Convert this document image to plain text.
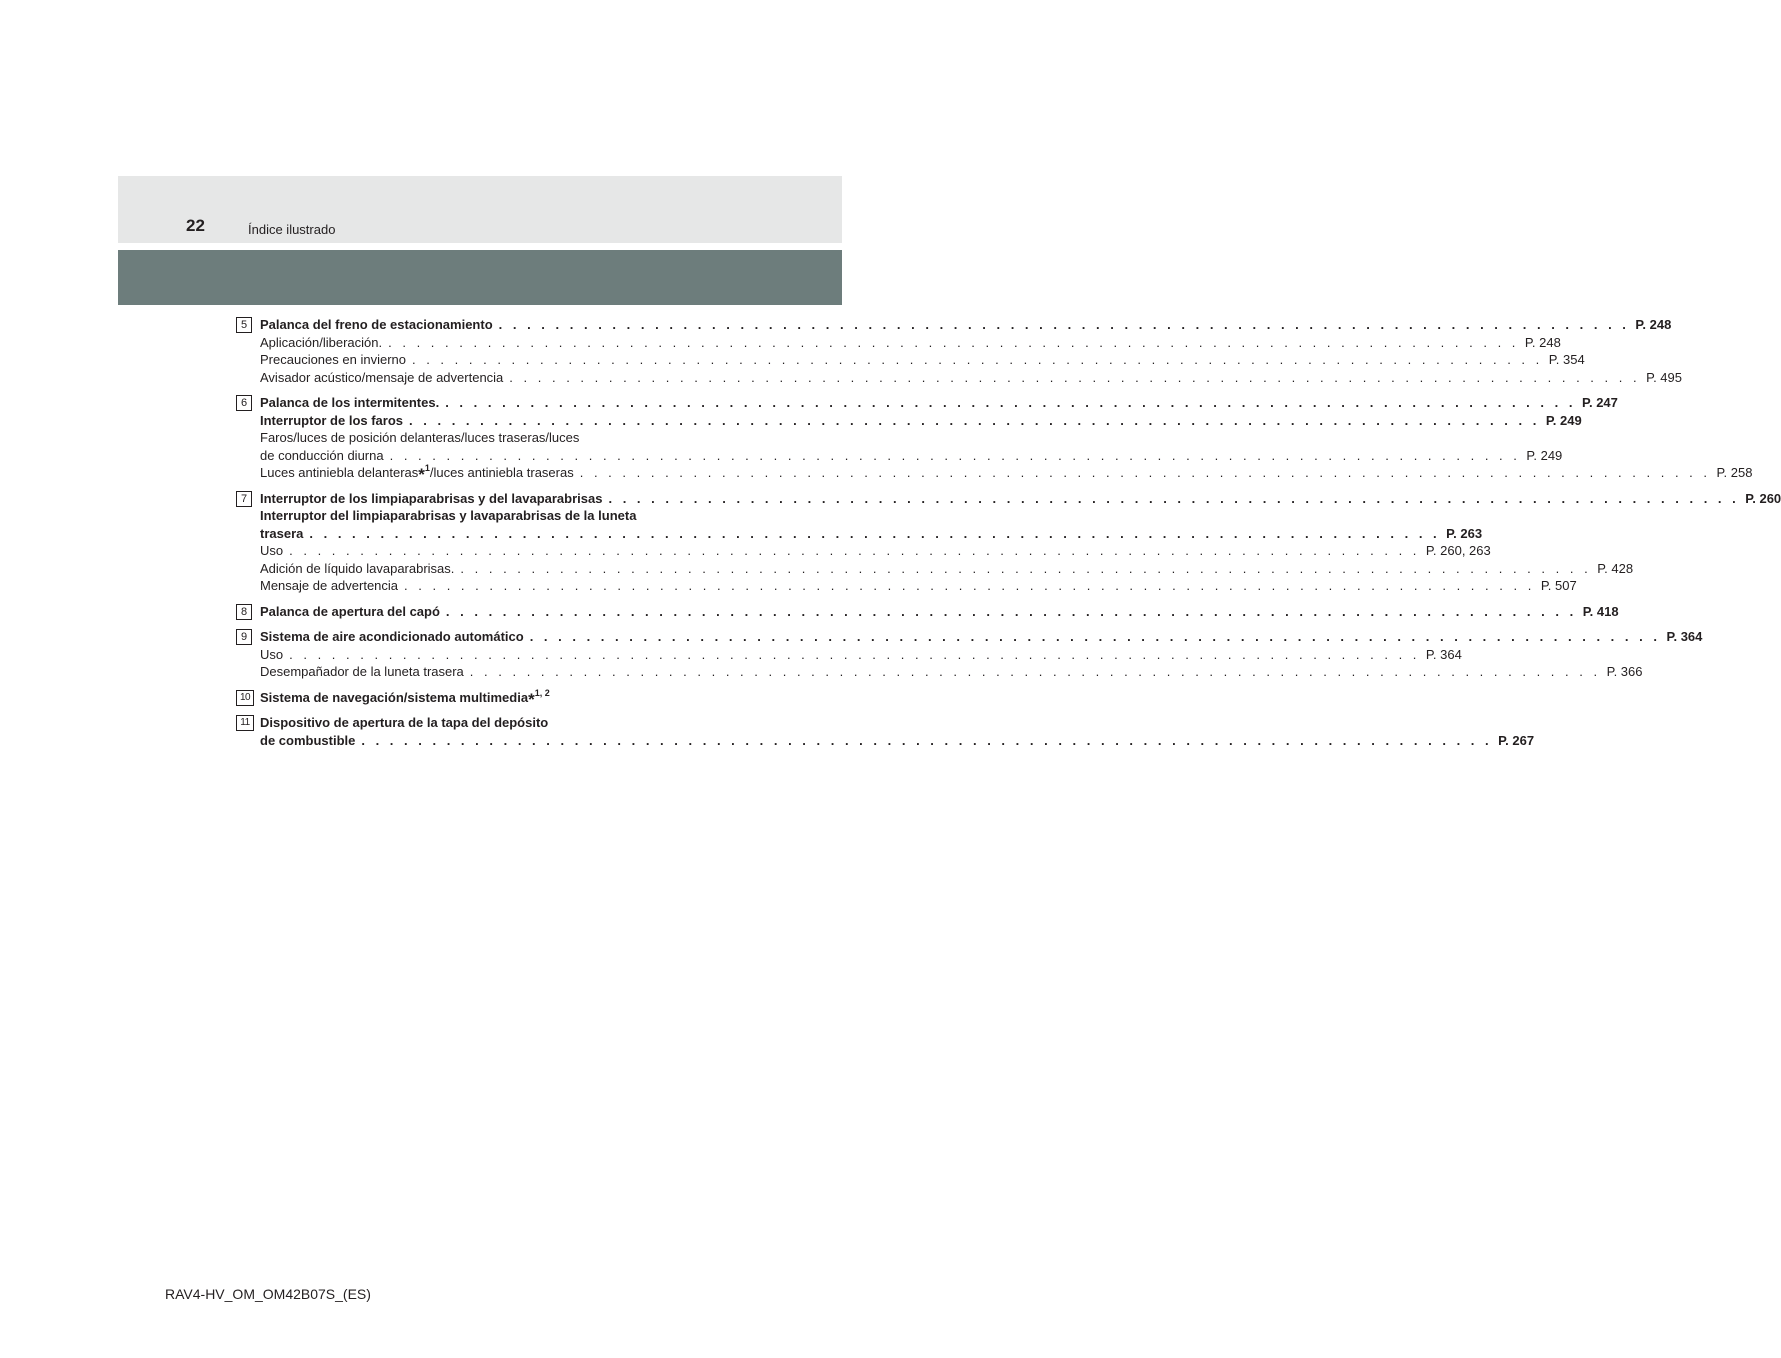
22	Índice ilustrado
5 Palanca del freno de estacionamiento . . . . . . . . . . . . . . . . . . . . . . . . . . . . . . . . . . . . . . . . . . . . . . . . . . . . . . . . . . . . . . . . . . . . . . . . . . . . . . . . P. 248
Aplicación/liberación. . . . . . . . . . . . . . . . . . . . . . . . . . . . . . . . . . . . . . . . . . . . . . . . . . . . . . . . . . . . . . . . . . . . . . . . . . . . . . . . . P. 248
Precauciones en invierno . . . . . . . . . . . . . . . . . . . . . . . . . . . . . . . . . . . . . . . . . . . . . . . . . . . . . . . . . . . . . . . . . . . . . . . . . . . . . . . . P. 354
Avisador acústico/mensaje de advertencia . . . . . . . . . . . . . . . . . . . . . . . . . . . . . . . . . . . . . . . . . . . . . . . . . . . . . . . . . . . . . . . . . . . . . . . . . . . . . . . . P. 495
6 Palanca de los intermitentes. . . . . . . . . . . . . . . . . . . . . . . . . . . . . . . . . . . . . . . . . . . . . . . . . . . . . . . . . . . . . . . . . . . . . . . . . . . . . . . . . P. 247
Interruptor de los faros . . . . . . . . . . . . . . . . . . . . . . . . . . . . . . . . . . . . . . . . . . . . . . . . . . . . . . . . . . . . . . . . . . . . . . . . . . . . . . . . P. 249
Faros/luces de posición delanteras/luces traseras/luces
de conducción diurna . . . . . . . . . . . . . . . . . . . . . . . . . . . . . . . . . . . . . . . . . . . . . . . . . . . . . . . . . . . . . . . . . . . . . . . . . . . . . . . . P. 249
Luces antiniebla delanteras*$^1$/luces antiniebla traseras . . . . . . . . . . . . . . . . . . . . . . . . . . . . . . . . . . . . . . . . . . . . . . . . . . . . . . . . . . . . . . . . . . . . . . . . . . . . . . . . P. 258
7 Interruptor de los limpiaparabrisas y del lavaparabrisas . . . . . . . . . . . . . . . . . . . . . . . . . . . . . . . . . . . . . . . . . . . . . . . . . . . . . . . . . . . . . . . . . . . . . . . . . . . . . . . . P. 260
Interruptor del limpiaparabrisas y lavaparabrisas de la luneta
trasera . . . . . . . . . . . . . . . . . . . . . . . . . . . . . . . . . . . . . . . . . . . . . . . . . . . . . . . . . . . . . . . . . . . . . . . . . . . . . . . . P. 263
Uso . . . . . . . . . . . . . . . . . . . . . . . . . . . . . . . . . . . . . . . . . . . . . . . . . . . . . . . . . . . . . . . . . . . . . . . . . . . . . . . . P. 260, 263
Adición de líquido lavaparabrisas. . . . . . . . . . . . . . . . . . . . . . . . . . . . . . . . . . . . . . . . . . . . . . . . . . . . . . . . . . . . . . . . . . . . . . . . . . . . . . . . . P. 428
Mensaje de advertencia . . . . . . . . . . . . . . . . . . . . . . . . . . . . . . . . . . . . . . . . . . . . . . . . . . . . . . . . . . . . . . . . . . . . . . . . . . . . . . . . P. 507
8 Palanca de apertura del capó . . . . . . . . . . . . . . . . . . . . . . . . . . . . . . . . . . . . . . . . . . . . . . . . . . . . . . . . . . . . . . . . . . . . . . . . . . . . . . . . P. 418
9 Sistema de aire acondicionado automático . . . . . . . . . . . . . . . . . . . . . . . . . . . . . . . . . . . . . . . . . . . . . . . . . . . . . . . . . . . . . . . . . . . . . . . . . . . . . . . . P. 364
Uso . . . . . . . . . . . . . . . . . . . . . . . . . . . . . . . . . . . . . . . . . . . . . . . . . . . . . . . . . . . . . . . . . . . . . . . . . . . . . . . . P. 364
Desempañador de la luneta trasera . . . . . . . . . . . . . . . . . . . . . . . . . . . . . . . . . . . . . . . . . . . . . . . . . . . . . . . . . . . . . . . . . . . . . . . . . . . . . . . . P. 366
10 Sistema de navegación/sistema multimedia*$^{1, 2}$
11 Dispositivo de apertura de la tapa del depósito
de combustible . . . . . . . . . . . . . . . . . . . . . . . . . . . . . . . . . . . . . . . . . . . . . . . . . . . . . . . . . . . . . . . . . . . . . . . . . . . . . . . . P. 267
RAV4-HV_OM_OM42B07S_(ES)
